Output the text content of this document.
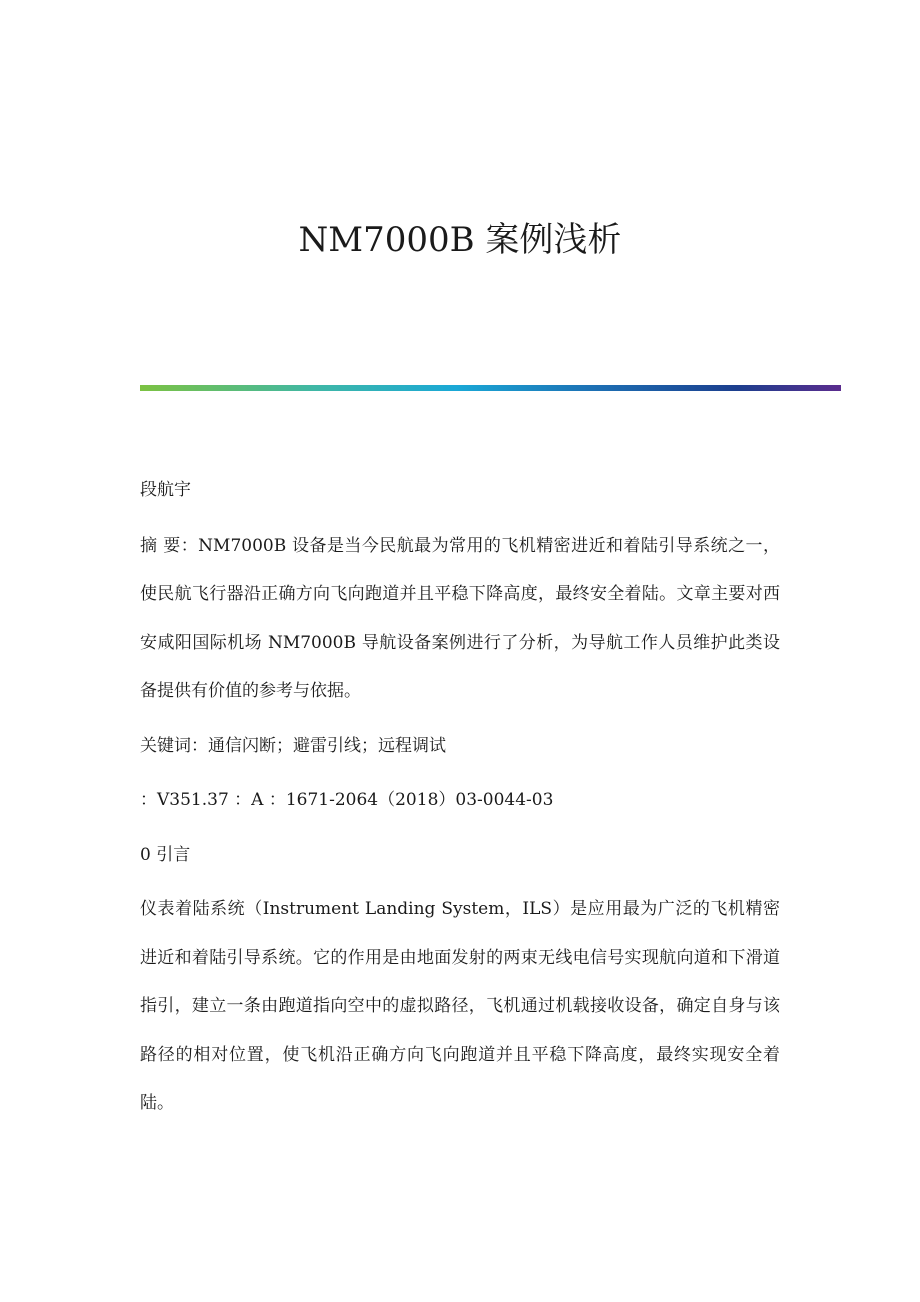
NM7000B 案例浅析

段航宇

摘 要：NM7000B 设备是当今民航最为常用的飞机精密进近和着陆引导系统之一，使民航飞行器沿正确方向飞向跑道并且平稳下降高度，最终安全着陆。文章主要对西安咸阳国际机场 NM7000B 导航设备案例进行了分析，为导航工作人员维护此类设备提供有价值的参考与依据。

关键词：通信闪断；避雷引线；远程调试

：V351.37 ：A ：1671-2064（2018）03-0044-03

0 引言

仪表着陆系统（Instrument Landing System，ILS）是应用最为广泛的飞机精密进近和着陆引导系统。它的作用是由地面发射的两束无线电信号实现航向道和下滑道指引，建立一条由跑道指向空中的虚拟路径，飞机通过机载接收设备，确定自身与该路径的相对位置，使飞机沿正确方向飞向跑道并且平稳下降高度，最终实现安全着陆。
